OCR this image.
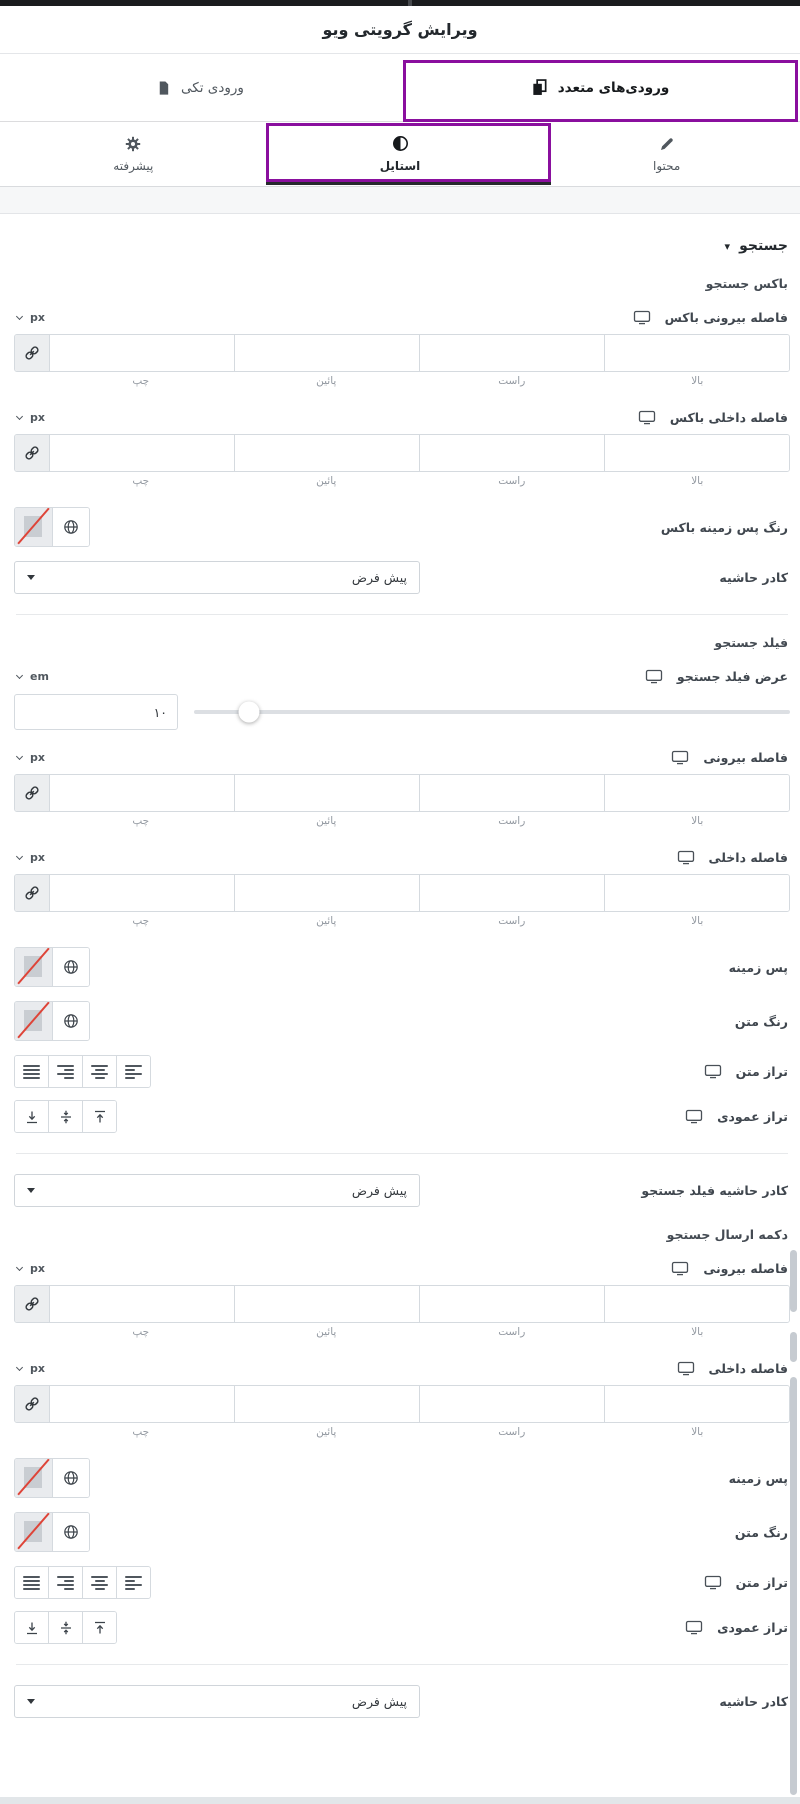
ویرایش گرویتی ویو
ورودی‌های متعدد
ورودی تکی
محتوا
استایل
پیشرفته
جستجو
▾
باکس جستجو
فاصله بیرونی باکس
px
بالا
راست
پائین
چپ
فاصله داخلی باکس
px
بالا
راست
پائین
چپ
رنگ پس زمینه باکس
کادر حاشیه
پیش فرض
فیلد جستجو
عرض فیلد جستجو
em
۱۰
فاصله بیرونی
px
بالا
راست
پائین
چپ
فاصله داخلی
px
بالا
راست
پائین
چپ
پس زمینه
رنگ متن
تراز متن
تراز عمودی
کادر حاشیه فیلد جستجو
پیش فرض
دکمه ارسال جستجو
فاصله بیرونی
px
بالا
راست
پائین
چپ
فاصله داخلی
px
بالا
راست
پائین
چپ
پس زمینه
رنگ متن
تراز متن
تراز عمودی
کادر حاشیه
پیش فرض
